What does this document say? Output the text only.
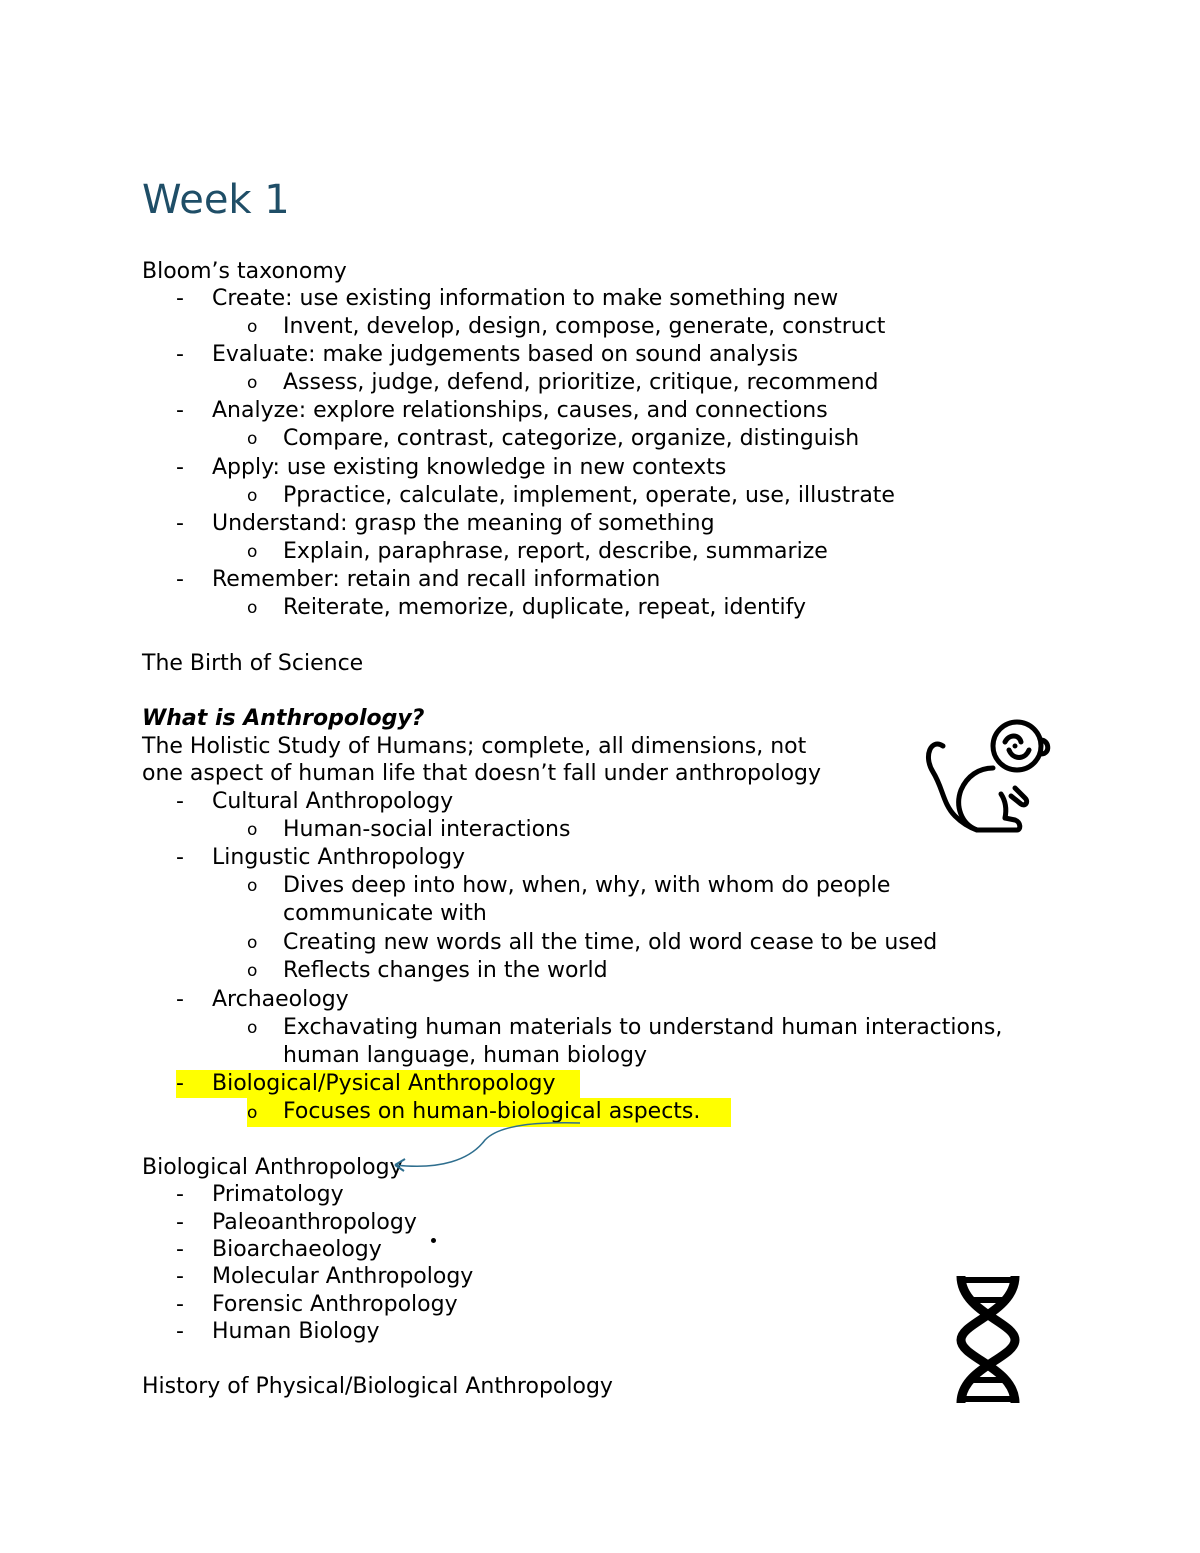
Week 1
Bloom’s taxonomy
- Create: use existing information to make something new
o Invent, develop, design, compose, generate, construct
- Evaluate: make judgements based on sound analysis
o Assess, judge, defend, prioritize, critique, recommend
- Analyze: explore relationships, causes, and connections
o Compare, contrast, categorize, organize, distinguish
- Apply: use existing knowledge in new contexts
o Ppractice, calculate, implement, operate, use, illustrate
- Understand: grasp the meaning of something
o Explain, paraphrase, report, describe, summarize
- Remember: retain and recall information
o Reiterate, memorize, duplicate, repeat, identify
The Birth of Science
What is Anthropology?
The Holistic Study of Humans; complete, all dimensions, not
one aspect of human life that doesn’t fall under anthropology
- Cultural Anthropology
o Human-social interactions
- Lingustic Anthropology
o Dives deep into how, when, why, with whom do people
communicate with
o Creating new words all the time, old word cease to be used
o Reflects changes in the world
- Archaeology
o Exchavating human materials to understand human interactions,
human language, human biology
-	Biological/Pysical Anthropology
o	Focuses on human-biological aspects.
Biological Anthropology
- Primatology
- Paleoanthropology
- Bioarchaeology
- Molecular Anthropology
- Forensic Anthropology
- Human Biology
History of Physical/Biological Anthropology
